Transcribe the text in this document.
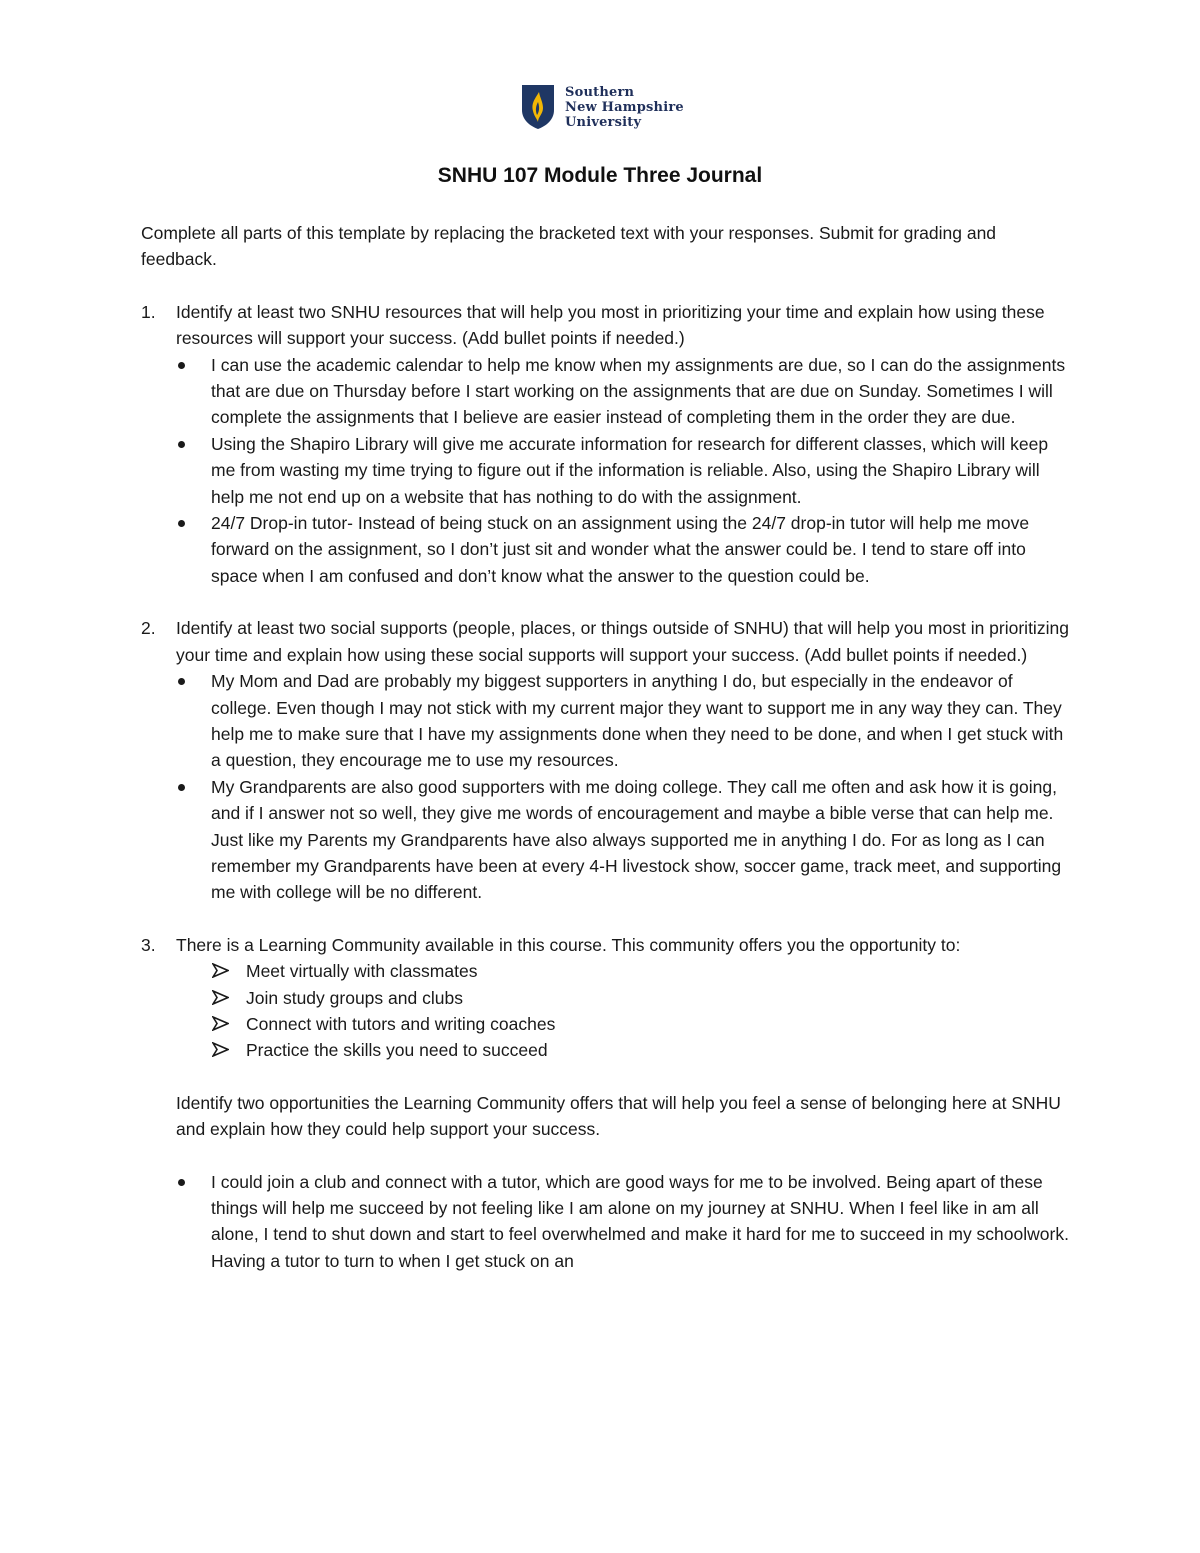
Southern
New Hampshire
University
SNHU 107 Module Three Journal

Complete all parts of this template by replacing the bracketed text with your responses. Submit for grading and feedback.

1. Identify at least two SNHU resources that will help you most in prioritizing your time and explain how using these resources will support your success. (Add bullet points if needed.)
I can use the academic calendar to help me know when my assignments are due, so I can do the assignments that are due on Thursday before I start working on the assignments that are due on Sunday. Sometimes I will complete the assignments that I believe are easier instead of completing them in the order they are due.
Using the Shapiro Library will give me accurate information for research for different classes, which will keep me from wasting my time trying to figure out if the information is reliable. Also, using the Shapiro Library will help me not end up on a website that has nothing to do with the assignment.
24/7 Drop-in tutor- Instead of being stuck on an assignment using the 24/7 drop-in tutor will help me move forward on the assignment, so I don’t just sit and wonder what the answer could be. I tend to stare off into space when I am confused and don’t know what the answer to the question could be.
2. Identify at least two social supports (people, places, or things outside of SNHU) that will help you most in prioritizing your time and explain how using these social supports will support your success. (Add bullet points if needed.)
My Mom and Dad are probably my biggest supporters in anything I do, but especially in the endeavor of college. Even though I may not stick with my current major they want to support me in any way they can. They help me to make sure that I have my assignments done when they need to be done, and when I get stuck with a question, they encourage me to use my resources.
My Grandparents are also good supporters with me doing college. They call me often and ask how it is going, and if I answer not so well, they give me words of encouragement and maybe a bible verse that can help me. Just like my Parents my Grandparents have also always supported me in anything I do. For as long as I can remember my Grandparents have been at every 4-H livestock show, soccer game, track meet, and supporting me with college will be no different.
3. There is a Learning Community available in this course. This community offers you the opportunity to:
Meet virtually with classmates
Join study groups and clubs
Connect with tutors and writing coaches
Practice the skills you need to succeed
Identify two opportunities the Learning Community offers that will help you feel a sense of belonging here at SNHU and explain how they could help support your success.
I could join a club and connect with a tutor, which are good ways for me to be involved. Being apart of these things will help me succeed by not feeling like I am alone on my journey at SNHU. When I feel like in am all alone, I tend to shut down and start to feel overwhelmed and make it hard for me to succeed in my schoolwork. Having a tutor to turn to when I get stuck on an
